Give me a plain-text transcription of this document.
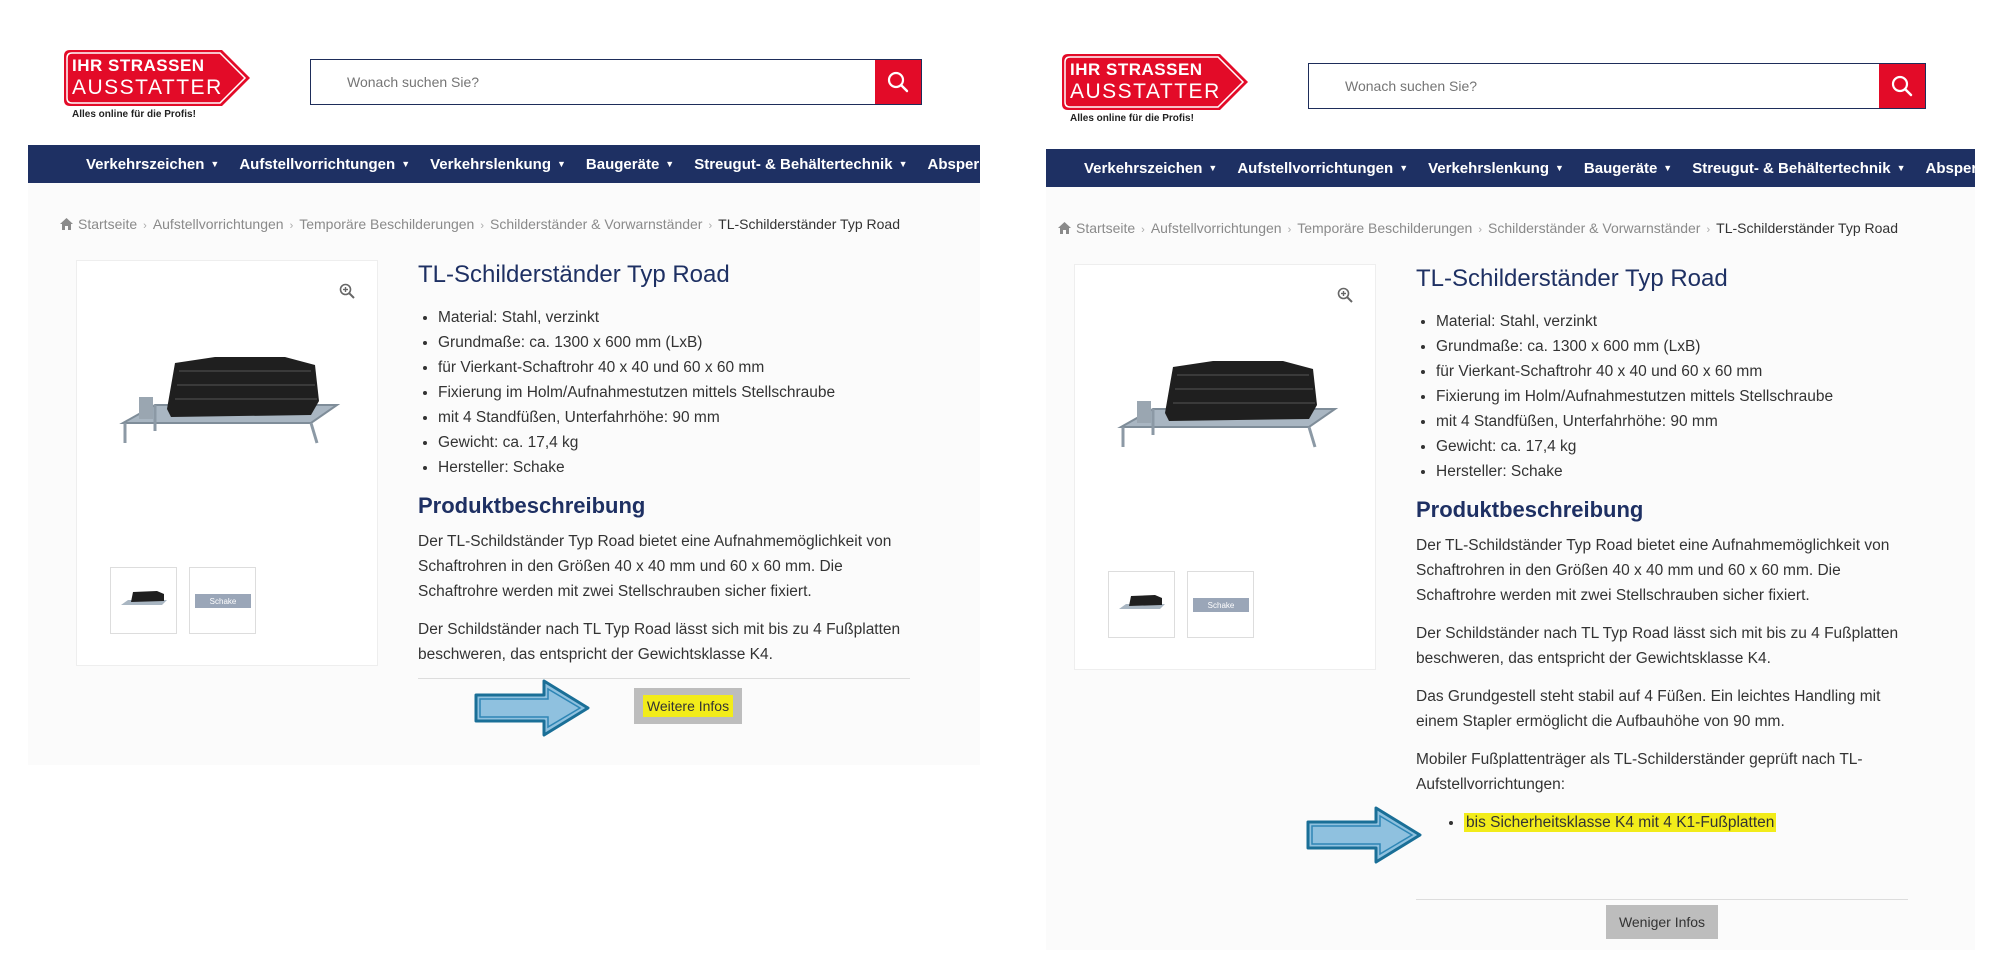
IHR STRASSEN
AUSSTATTER
Alles online für die Profis!
Wonach suchen Sie?
Verkehrszeichen ▼ Aufstellvorrichtungen ▼ Verkehrslenkung ▼ Baugeräte ▼ Streugut- & Behältertechnik ▼ Absperr
Startseite › Aufstellvorrichtungen › Temporäre Beschilderungen › Schilderständer & Vorwarnständer › TL-Schilderständer Typ Road
Schake
TL-Schilderständer Typ Road
• Material: Stahl, verzinkt
• Grundmaße: ca. 1300 x 600 mm (LxB)
• für Vierkant-Schaftrohr 40 x 40 und 60 x 60 mm
• Fixierung im Holm/Aufnahmestutzen mittels Stellschraube
• mit 4 Standfüßen, Unterfahrhöhe: 90 mm
• Gewicht: ca. 17,4 kg
• Hersteller: Schake
Produktbeschreibung

Der TL-Schildständer Typ Road bietet eine Aufnahmemöglichkeit von Schaftrohren in den Größen 40 x 40 mm und 60 x 60 mm. Die Schaftrohre werden mit zwei Stellschrauben sicher fixiert.

Der Schildständer nach TL Typ Road lässt sich mit bis zu 4 Fußplatten beschweren, das entspricht der Gewichtsklasse K4.

Weitere Infos
IHR STRASSEN
AUSSTATTER
Alles online für die Profis!
Wonach suchen Sie?
Verkehrszeichen ▼ Aufstellvorrichtungen ▼ Verkehrslenkung ▼ Baugeräte ▼ Streugut- & Behältertechnik ▼ Absperr
Startseite › Aufstellvorrichtungen › Temporäre Beschilderungen › Schilderständer & Vorwarnständer › TL-Schilderständer Typ Road
Schake
TL-Schilderständer Typ Road
• Material: Stahl, verzinkt
• Grundmaße: ca. 1300 x 600 mm (LxB)
• für Vierkant-Schaftrohr 40 x 40 und 60 x 60 mm
• Fixierung im Holm/Aufnahmestutzen mittels Stellschraube
• mit 4 Standfüßen, Unterfahrhöhe: 90 mm
• Gewicht: ca. 17,4 kg
• Hersteller: Schake
Produktbeschreibung

Der TL-Schildständer Typ Road bietet eine Aufnahmemöglichkeit von Schaftrohren in den Größen 40 x 40 mm und 60 x 60 mm. Die Schaftrohre werden mit zwei Stellschrauben sicher fixiert.

Der Schildständer nach TL Typ Road lässt sich mit bis zu 4 Fußplatten beschweren, das entspricht der Gewichtsklasse K4.

Das Grundgestell steht stabil auf 4 Füßen. Ein leichtes Handling mit einem Stapler ermöglicht die Aufbauhöhe von 90 mm.

Mobiler Fußplattenträger als TL-Schilderständer geprüft nach TL-Aufstellvorrichtungen:

• bis Sicherheitsklasse K4 mit 4 K1-Fußplatten
Weniger Infos
